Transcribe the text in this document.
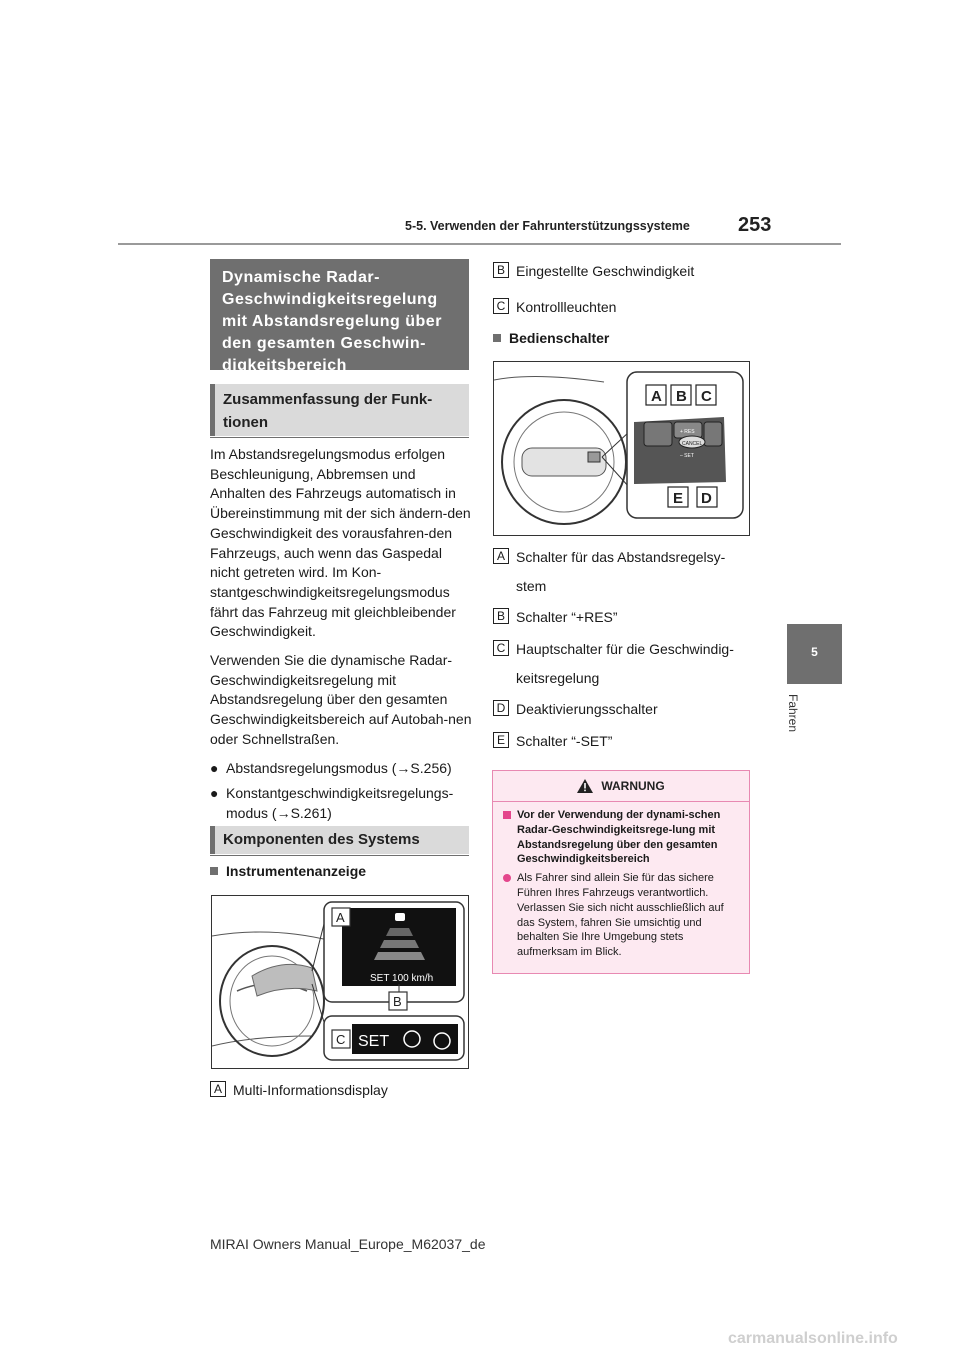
5-5. Verwenden der Fahrunterstützungssysteme 253
5
Fahren
Dynamische Radar-Geschwindigkeitsregelung mit Abstandsregelung über den gesamten Geschwin-digkeitsbereich
Zusammenfassung der Funk-tionen

Im Abstandsregelungsmodus erfolgen Beschleunigung, Abbremsen und Anhalten des Fahrzeugs automatisch in Übereinstimmung mit der sich ändern-den Geschwindigkeit des vorausfahren-den Fahrzeugs, auch wenn das Gaspedal nicht getreten wird. Im Kon-stantgeschwindigkeitsregelungsmodus fährt das Fahrzeug mit gleichbleibender Geschwindigkeit.

Verwenden Sie die dynamische Radar-Geschwindigkeitsregelung mit Abstandsregelung über den gesamten Geschwindigkeitsbereich auf Autobah-nen oder Schnellstraßen.

● Abstandsregelungsmodus (→S.256)
● Konstantgeschwindigkeitsregelungs-modus (→S.261)
Komponenten des Systems
Instrumentenanzeige
SET 100 km/h
SET
A
B
C
A Multi-Informationsdisplay
B Eingestellte Geschwindigkeit
C Kontrollleuchten
Bedienschalter
CANCEL
+ RES
– SET
A B C
E D
A Schalter für das Abstandsregelsy-
stem
B Schalter “+RES”
C Hauptschalter für die Geschwindig-
keitsregelung
D Deaktivierungsschalter
E Schalter “-SET”
WARNUNG
Vor der Verwendung der dynami-schen Radar-Geschwindigkeitsrege-lung mit Abstandsregelung über den gesamten Geschwindigkeitsbereich
Als Fahrer sind allein Sie für das sichere Führen Ihres Fahrzeugs verantwortlich. Verlassen Sie sich nicht ausschließlich auf das System, fahren Sie umsichtig und behalten Sie Ihre Umgebung stets aufmerksam im Blick.
MIRAI Owners Manual_Europe_M62037_de
carmanualsonline.info
